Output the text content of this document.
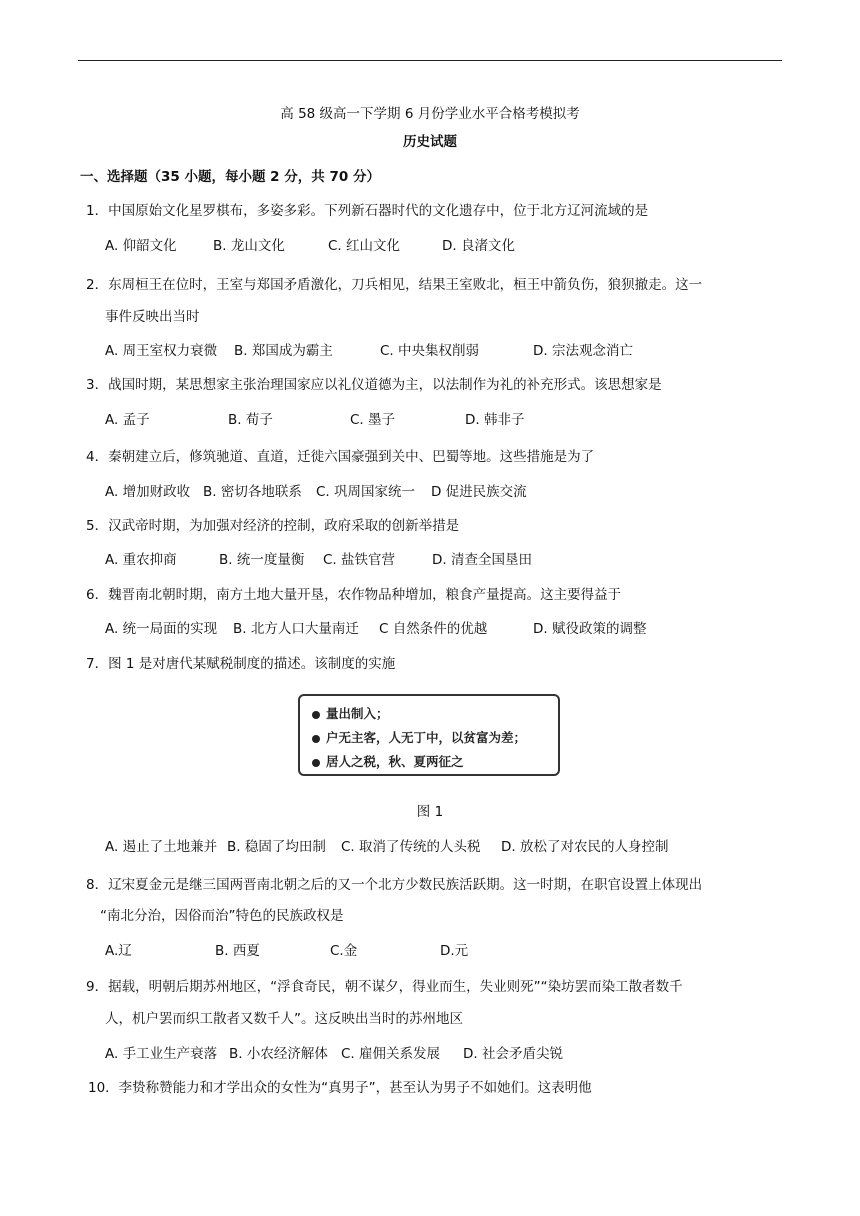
高 58 级高一下学期 6 月份学业水平合格考模拟考
历史试题
一、选择题（35 小题，每小题 2 分，共 70 分）
1．中国原始文化星罗棋布，多姿多彩。下列新石器时代的文化遗存中，位于北方辽河流域的是
A. 仰韶文化	B. 龙山文化	C. 红山文化	D. 良渚文化
2．东周桓王在位时，王室与郑国矛盾激化，刀兵相见，结果王室败北，桓王中箭负伤，狼狈撤走。这一
事件反映出当时
A. 周王室权力衰微 B. 郑国成为霸主	C. 中央集权削弱	D. 宗法观念消亡
3．战国时期，某思想家主张治理国家应以礼仪道德为主，以法制作为礼的补充形式。该思想家是
A. 孟子	B. 荀子	C. 墨子	D. 韩非子
4．秦朝建立后，修筑驰道、直道，迁徙六国豪强到关中、巴蜀等地。这些措施是为了
A. 增加财政收 B. 密切各地联系 C. 巩周国家统一 D 促进民族交流
5．汉武帝时期，为加强对经济的控制，政府采取的创新举措是
A. 重农抑商	B. 统一度量衡 C. 盐铁官营	D. 清查全国垦田
6．魏晋南北朝时期，南方土地大量开垦，农作物品种增加，粮食产量提高。这主要得益于
A. 统一局面的实现 B. 北方人口大量南迁 C 自然条件的优越	D. 赋役政策的调整
7．图 1 是对唐代某赋税制度的描述。该制度的实施
量出制入；
户无主客，人无丁中，以贫富为差；
居人之税，秋、夏两征之
图 1
A. 遏止了土地兼并 B. 稳固了均田制 C. 取消了传统的人头税 D. 放松了对农民的人身控制
8．辽宋夏金元是继三国两晋南北朝之后的又一个北方少数民族活跃期。这一时期，在职官设置上体现出
“南北分治，因俗而治”特色的民族政权是
A.辽	B. 西夏	C.金	D.元
9．据载，明朝后期苏州地区，“浮食奇民，朝不谋夕，得业而生，失业则死”“染坊罢而染工散者数千
人，机户罢而织工散者又数千人”。这反映出当时的苏州地区
A. 手工业生产衰落 B. 小农经济解体 C. 雇佣关系发展 D. 社会矛盾尖锐
10．李贽称赞能力和才学出众的女性为“真男子”，甚至认为男子不如她们。这表明他
